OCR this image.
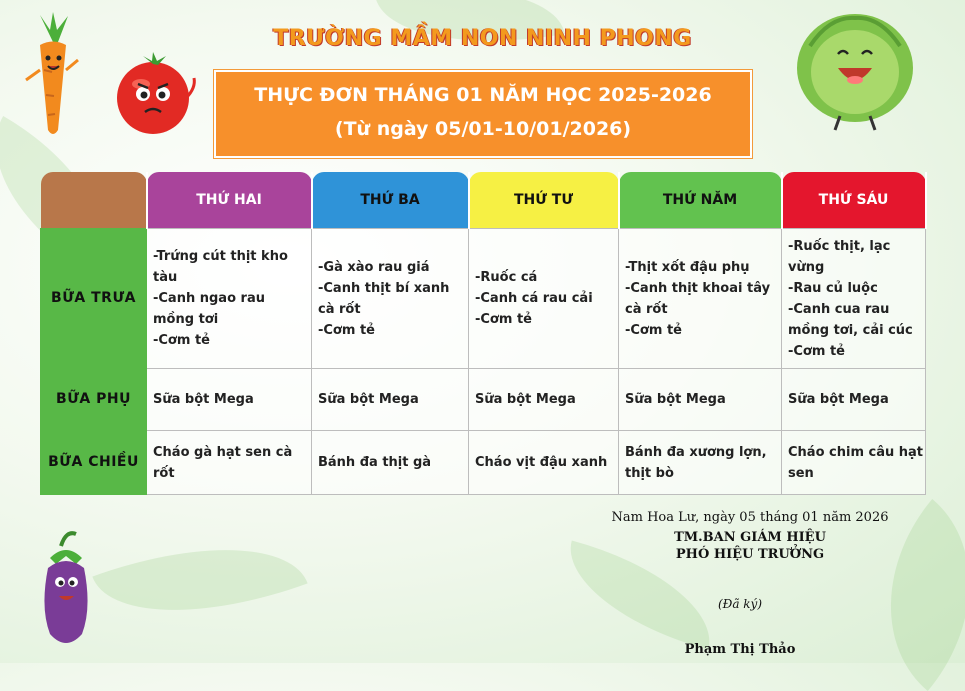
TRƯỜNG MẦM NON NINH PHONG
THỰC ĐƠN THÁNG 01 NĂM HỌC 2025-2026
(Từ ngày 05/01-10/01/2026)
	THỨ HAI	THỨ BA	THỨ TƯ	THỨ NĂM	THỨ SÁU
BỮA TRƯA	-Trứng cút thịt kho tàu
-Canh ngao rau mồng tơi
-Cơm tẻ	-Gà xào rau giá
-Canh thịt bí xanh cà rốt
-Cơm tẻ	-Ruốc cá
-Canh cá rau cải
-Cơm tẻ	-Thịt xốt đậu phụ
-Canh thịt khoai tây cà rốt
-Cơm tẻ	-Ruốc thịt, lạc vừng
-Rau củ luộc
-Canh cua rau mồng tơi, cải cúc
-Cơm tẻ

BỮA PHỤ	Sữa bột Mega	Sữa bột Mega	Sữa bột Mega	Sữa bột Mega	Sữa bột Mega

BỮA CHIỀU	Cháo gà hạt sen cà rốt	Bánh đa thịt gà	Cháo vịt đậu xanh	Bánh đa xương lợn, thịt bò	Cháo chim câu hạt sen
Nam Hoa Lư, ngày 05 tháng 01 năm 2026
TM.BAN GIÁM HIỆU
PHÓ HIỆU TRƯỞNG
(Đã ký)
Phạm Thị Thảo
